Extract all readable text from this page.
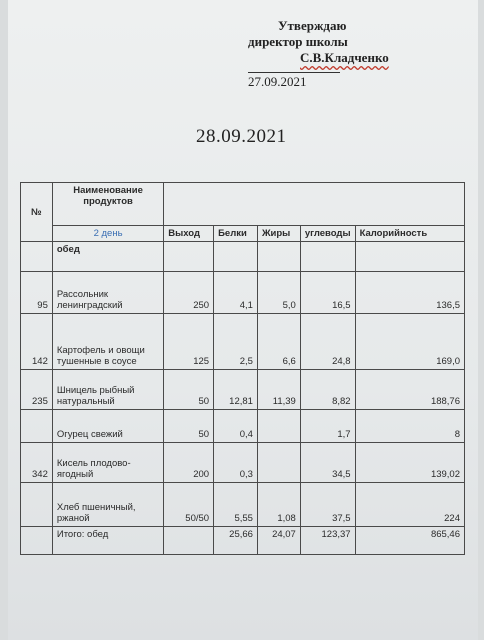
Утверждаю
директор школы
С.В.Кладченко
27.09.2021
28.09.2021
№	Наименование продуктов					
	2 день	Выход	Белки	Жиры	углеводы	Калорийность
	обед					
95	Рассольник ленинградский	250	4,1	5,0	16,5	136,5
142	Картофель и овощи тушенные в соусе	125	2,5	6,6	24,8	169,0
235	Шницель рыбный натуральный	50	12,81	11,39	8,82	188,76
	Огурец свежий	50	0,4		1,7	8
342	Кисель плодово-ягодный	200	0,3		34,5	139,02
	Хлеб пшеничный, ржаной	50/50	5,55	1,08	37,5	224
	Итого: обед		25,66	24,07	123,37	865,46
